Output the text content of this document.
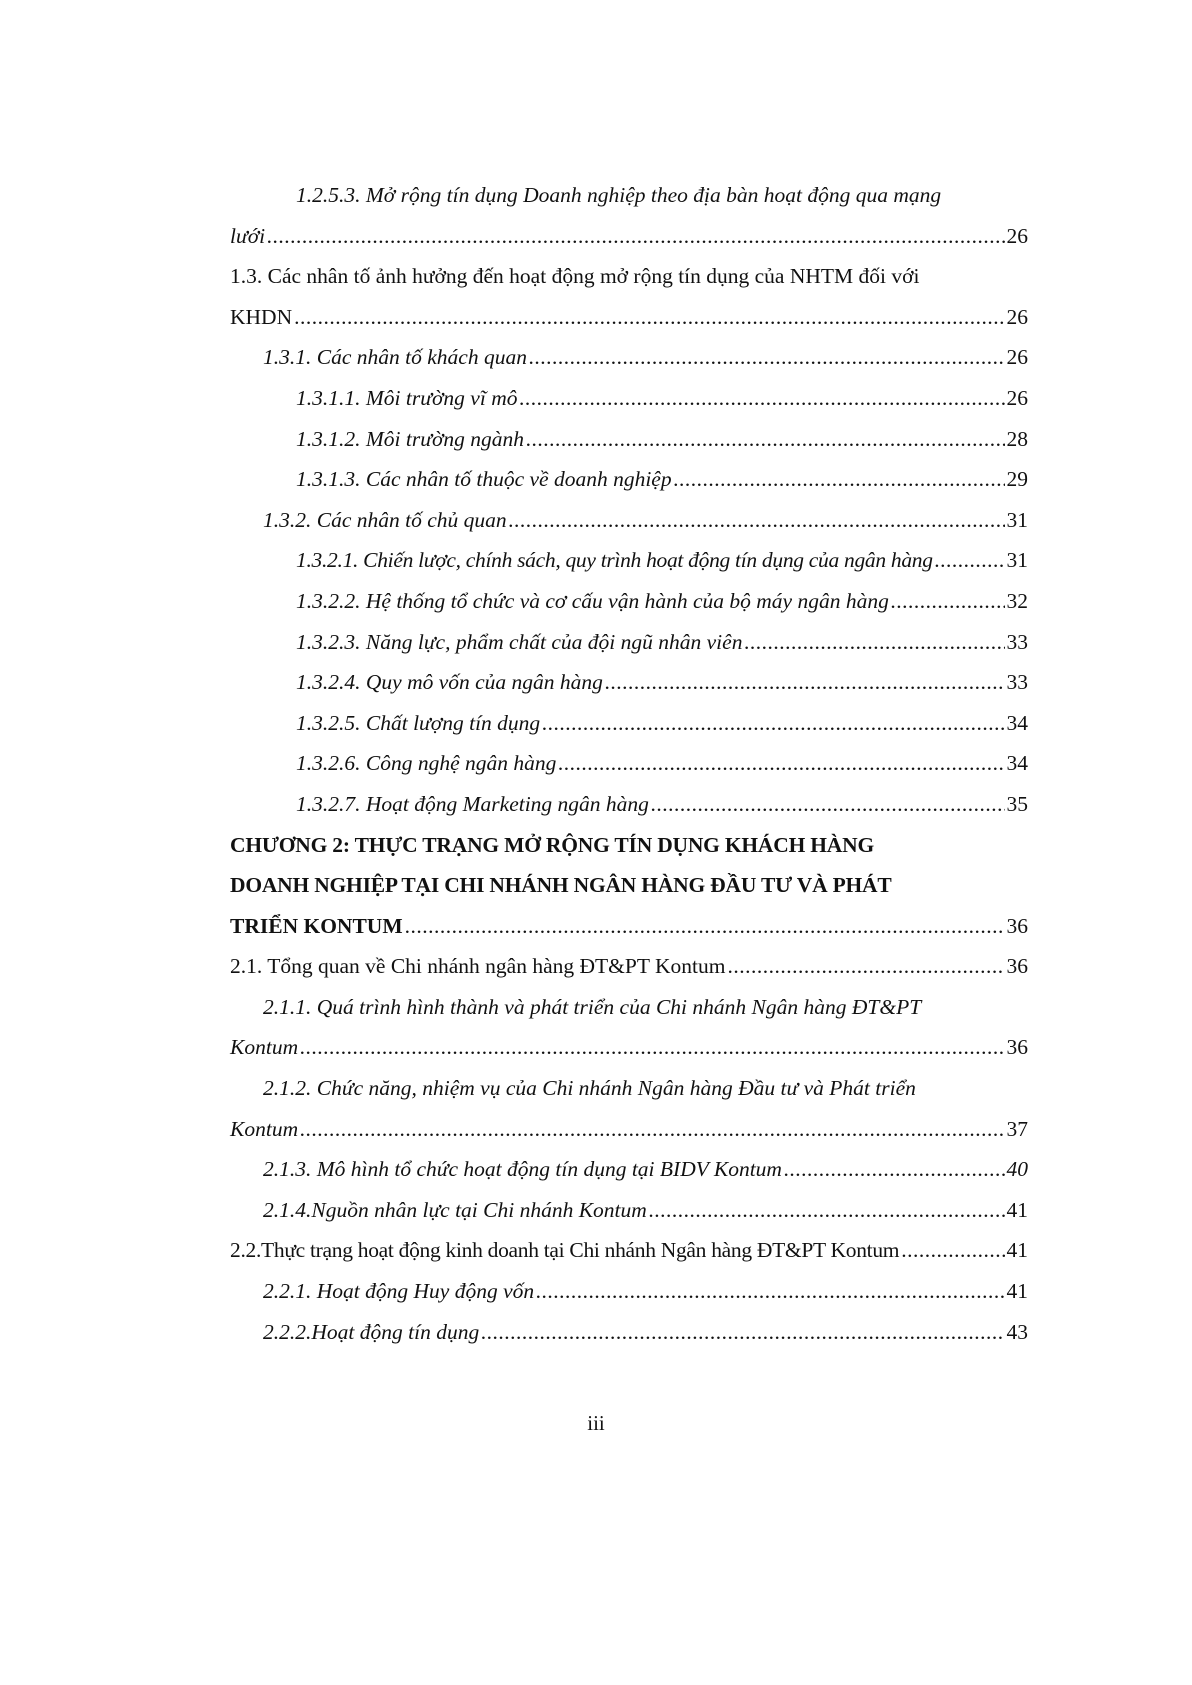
1.2.5.3. Mở rộng tín dụng Doanh nghiệp theo địa bàn hoạt động qua mạng
lưới .....	26
1.3. Các nhân tố ảnh hưởng đến hoạt động mở rộng tín dụng của NHTM đối với
KHDN .....	26
1.3.1. Các nhân tố khách quan .....	26
1.3.1.1. Môi trường vĩ mô .....	26
1.3.1.2. Môi trường ngành .....	28
1.3.1.3. Các nhân tố thuộc về doanh nghiệp .....	29
1.3.2. Các nhân tố chủ quan .....	31
1.3.2.1. Chiến lược, chính sách, quy trình hoạt động tín dụng của ngân hàng .....	31
1.3.2.2. Hệ thống tổ chức và cơ cấu vận hành của bộ máy ngân hàng .....	32
1.3.2.3. Năng lực, phẩm chất của đội ngũ nhân viên .....	33
1.3.2.4. Quy mô vốn của ngân hàng .....	33
1.3.2.5. Chất lượng tín dụng .....	34
1.3.2.6. Công nghệ ngân hàng .....	34
1.3.2.7. Hoạt động Marketing ngân hàng .....	35
CHƯƠNG 2: THỰC TRẠNG MỞ RỘNG TÍN DỤNG KHÁCH HÀNG
DOANH NGHIỆP TẠI CHI NHÁNH NGÂN HÀNG ĐẦU TƯ VÀ PHÁT
TRIỂN KONTUM .....	36
2.1. Tổng quan về Chi nhánh ngân hàng ĐT&PT Kontum .....	36
2.1.1. Quá trình hình thành và phát triển của Chi nhánh Ngân hàng ĐT&PT
Kontum .....	36
2.1.2. Chức năng, nhiệm vụ của Chi nhánh Ngân hàng Đầu tư và Phát triển
Kontum .....	37
2.1.3. Mô hình tổ chức hoạt động tín dụng tại BIDV Kontum .....	40
2.1.4.Nguồn nhân lực tại Chi nhánh Kontum .....	41
2.2.Thực trạng hoạt động kinh doanh tại Chi nhánh Ngân hàng ĐT&PT Kontum .....	41
2.2.1. Hoạt động Huy động vốn .....	41
2.2.2.Hoạt động tín dụng .....	43
iii
